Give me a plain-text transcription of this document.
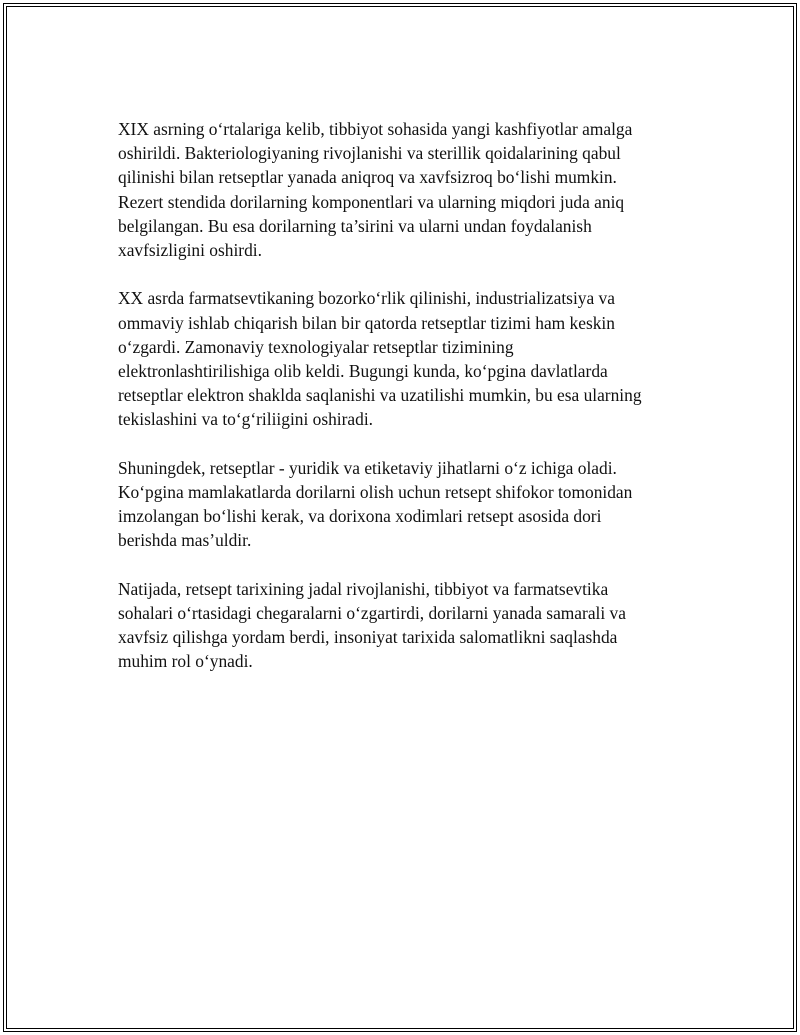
XIX asrning o‘rtalariga kelib, tibbiyot sohasida yangi kashfiyotlar amalga
oshirildi. Bakteriologiyaning rivojlanishi va sterillik qoidalarining qabul
qilinishi bilan retseptlar yanada aniqroq va xavfsizroq bo‘lishi mumkin.
Rezert stendida dorilarning komponentlari va ularning miqdori juda aniq
belgilangan. Bu esa dorilarning ta’sirini va ularni undan foydalanish
xavfsizligini oshirdi.

XX asrda farmatsevtikaning bozorko‘rlik qilinishi, industrializatsiya va
ommaviy ishlab chiqarish bilan bir qatorda retseptlar tizimi ham keskin
o‘zgardi. Zamonaviy texnologiyalar retseptlar tizimining
elektronlashtirilishiga olib keldi. Bugungi kunda, ko‘pgina davlatlarda
retseptlar elektron shaklda saqlanishi va uzatilishi mumkin, bu esa ularning
tekislashini va to‘g‘riliigini oshiradi.

Shuningdek, retseptlar - yuridik va etiketaviy jihatlarni o‘z ichiga oladi.
Ko‘pgina mamlakatlarda dorilarni olish uchun retsept shifokor tomonidan
imzolangan bo‘lishi kerak, va dorixona xodimlari retsept asosida dori
berishda mas’uldir.

Natijada, retsept tarixining jadal rivojlanishi, tibbiyot va farmatsevtika
sohalari o‘rtasidagi chegaralarni o‘zgartirdi, dorilarni yanada samarali va
xavfsiz qilishga yordam berdi, insoniyat tarixida salomatlikni saqlashda
muhim rol o‘ynadi.
